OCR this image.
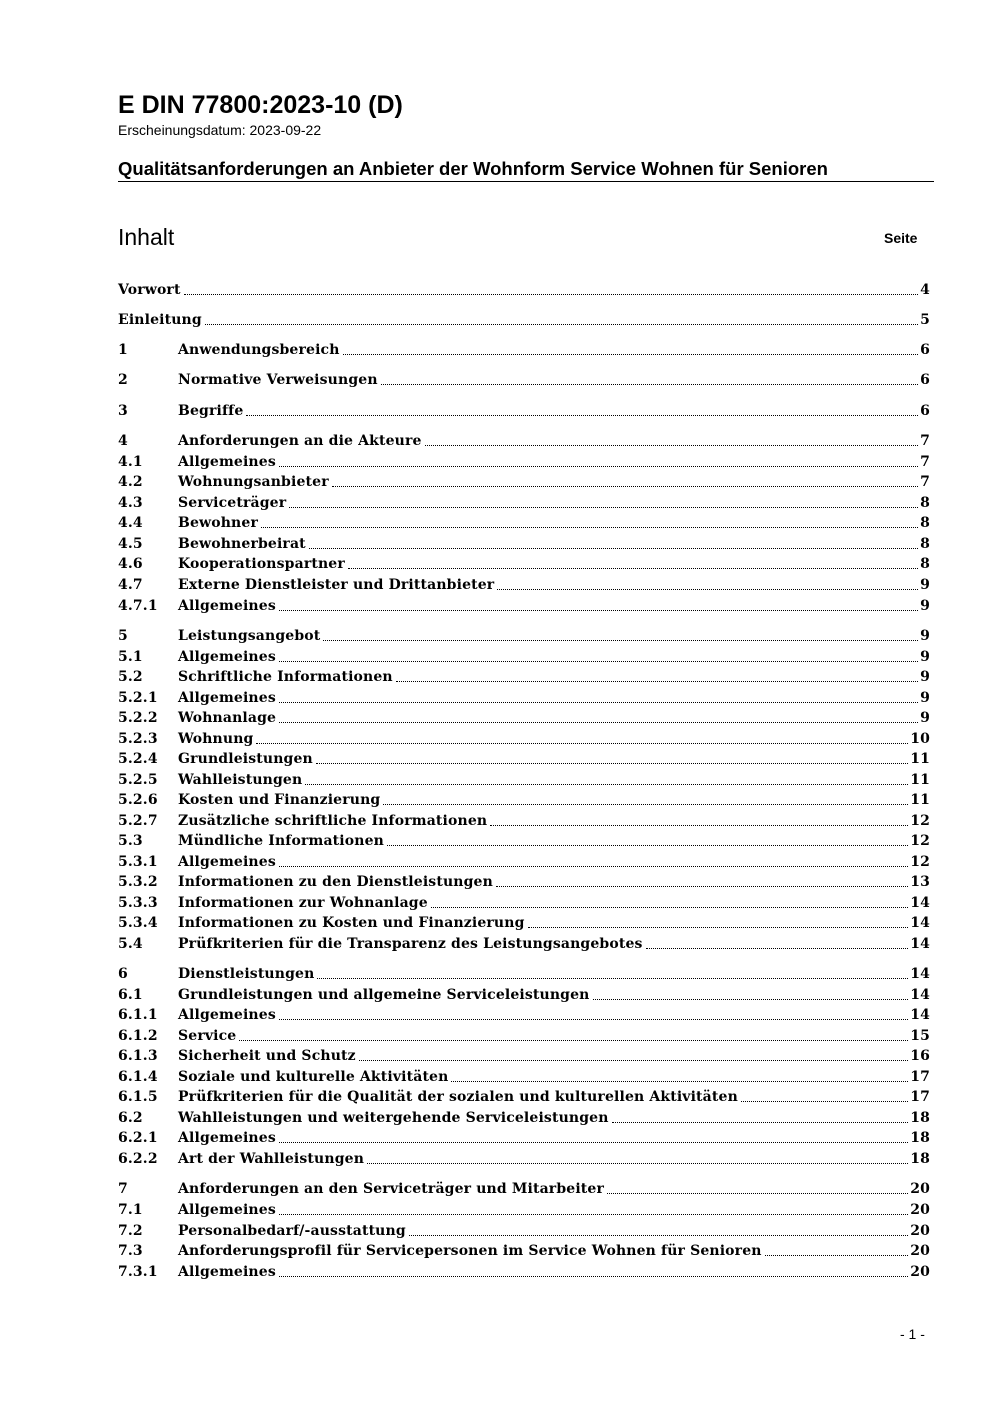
E DIN 77800:2023-10 (D)
Erscheinungsdatum: 2023-09-22
Qualitätsanforderungen an Anbieter der Wohnform Service Wohnen für Senioren
Inhalt	Seite
Vorwort	4
Einleitung	5
1	Anwendungsbereich	6
2	Normative Verweisungen	6
3	Begriffe	6
4	Anforderungen an die Akteure	7
4.1	Allgemeines	7
4.2	Wohnungsanbieter	7
4.3	Serviceträger	8
4.4	Bewohner	8
4.5	Bewohnerbeirat	8
4.6	Kooperationspartner	8
4.7	Externe Dienstleister und Drittanbieter	9
4.7.1	Allgemeines	9
5	Leistungsangebot	9
5.1	Allgemeines	9
5.2	Schriftliche Informationen	9
5.2.1	Allgemeines	9
5.2.2	Wohnanlage	9
5.2.3	Wohnung	10
5.2.4	Grundleistungen	11
5.2.5	Wahlleistungen	11
5.2.6	Kosten und Finanzierung	11
5.2.7	Zusätzliche schriftliche Informationen	12
5.3	Mündliche Informationen	12
5.3.1	Allgemeines	12
5.3.2	Informationen zu den Dienstleistungen	13
5.3.3	Informationen zur Wohnanlage	14
5.3.4	Informationen zu Kosten und Finanzierung	14
5.4	Prüfkriterien für die Transparenz des Leistungsangebotes	14
6	Dienstleistungen	14
6.1	Grundleistungen und allgemeine Serviceleistungen	14
6.1.1	Allgemeines	14
6.1.2	Service	15
6.1.3	Sicherheit und Schutz	16
6.1.4	Soziale und kulturelle Aktivitäten	17
6.1.5	Prüfkriterien für die Qualität der sozialen und kulturellen Aktivitäten	17
6.2	Wahlleistungen und weitergehende Serviceleistungen	18
6.2.1	Allgemeines	18
6.2.2	Art der Wahlleistungen	18
7	Anforderungen an den Serviceträger und Mitarbeiter	20
7.1	Allgemeines	20
7.2	Personalbedarf/-ausstattung	20
7.3	Anforderungsprofil für Servicepersonen im Service Wohnen für Senioren	20
7.3.1	Allgemeines	20
- 1 -
